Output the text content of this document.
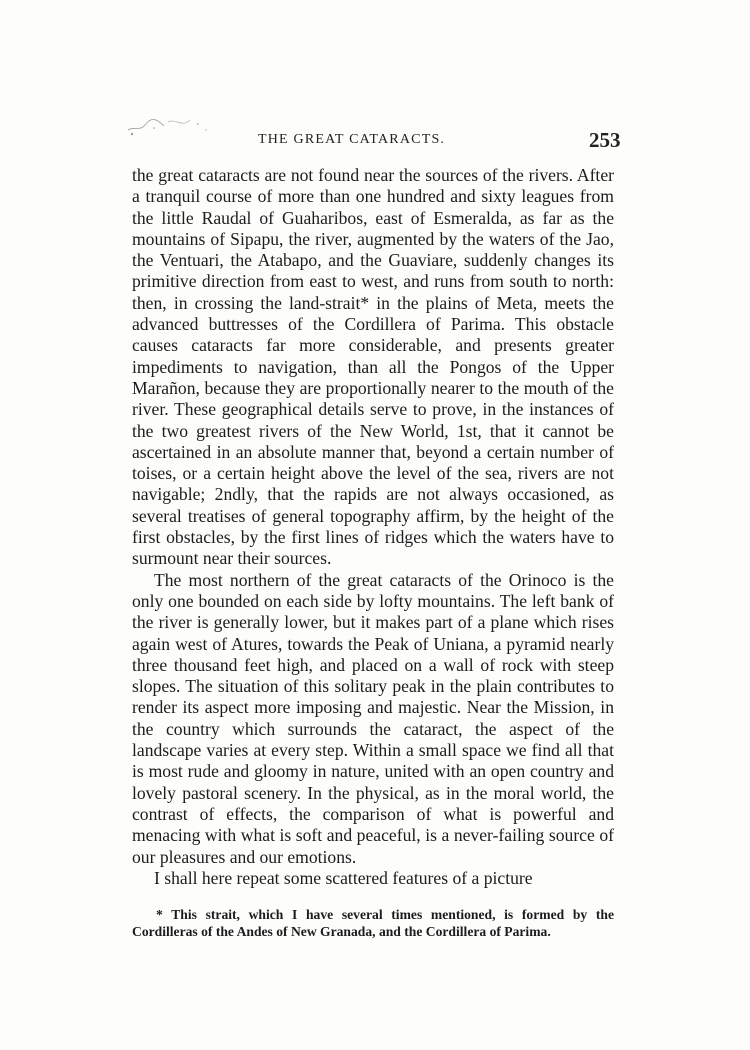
THE GREAT CATARACTS.	253

the great cataracts are not found near the sources of the rivers. After a tranquil course of more than one hundred and sixty leagues from the little Raudal of Guaharibos, east of Esmeralda, as far as the mountains of Sipapu, the river, augmented by the waters of the Jao, the Ventuari, the Atabapo, and the Guaviare, suddenly changes its primitive direction from east to west, and runs from south to north: then, in crossing the land-strait* in the plains of Meta, meets the advanced buttresses of the Cordillera of Parima. This obstacle causes cataracts far more considerable, and presents greater impediments to navigation, than all the Pongos of the Upper Marañon, because they are proportionally nearer to the mouth of the river. These geographical details serve to prove, in the instances of the two greatest rivers of the New World, 1st, that it cannot be ascertained in an absolute manner that, beyond a certain number of toises, or a certain height above the level of the sea, rivers are not navigable; 2ndly, that the rapids are not always occasioned, as several treatises of general topography affirm, by the height of the first obstacles, by the first lines of ridges which the waters have to surmount near their sources.

The most northern of the great cataracts of the Orinoco is the only one bounded on each side by lofty mountains. The left bank of the river is generally lower, but it makes part of a plane which rises again west of Atures, towards the Peak of Uniana, a pyramid nearly three thousand feet high, and placed on a wall of rock with steep slopes. The situation of this solitary peak in the plain contributes to render its aspect more imposing and majestic. Near the Mission, in the country which surrounds the cataract, the aspect of the landscape varies at every step. Within a small space we find all that is most rude and gloomy in nature, united with an open country and lovely pastoral scenery. In the physical, as in the moral world, the contrast of effects, the comparison of what is powerful and menacing with what is soft and peaceful, is a never-failing source of our pleasures and our emotions.

I shall here repeat some scattered features of a picture

* This strait, which I have several times mentioned, is formed by the Cordilleras of the Andes of New Granada, and the Cordillera of Parima.
